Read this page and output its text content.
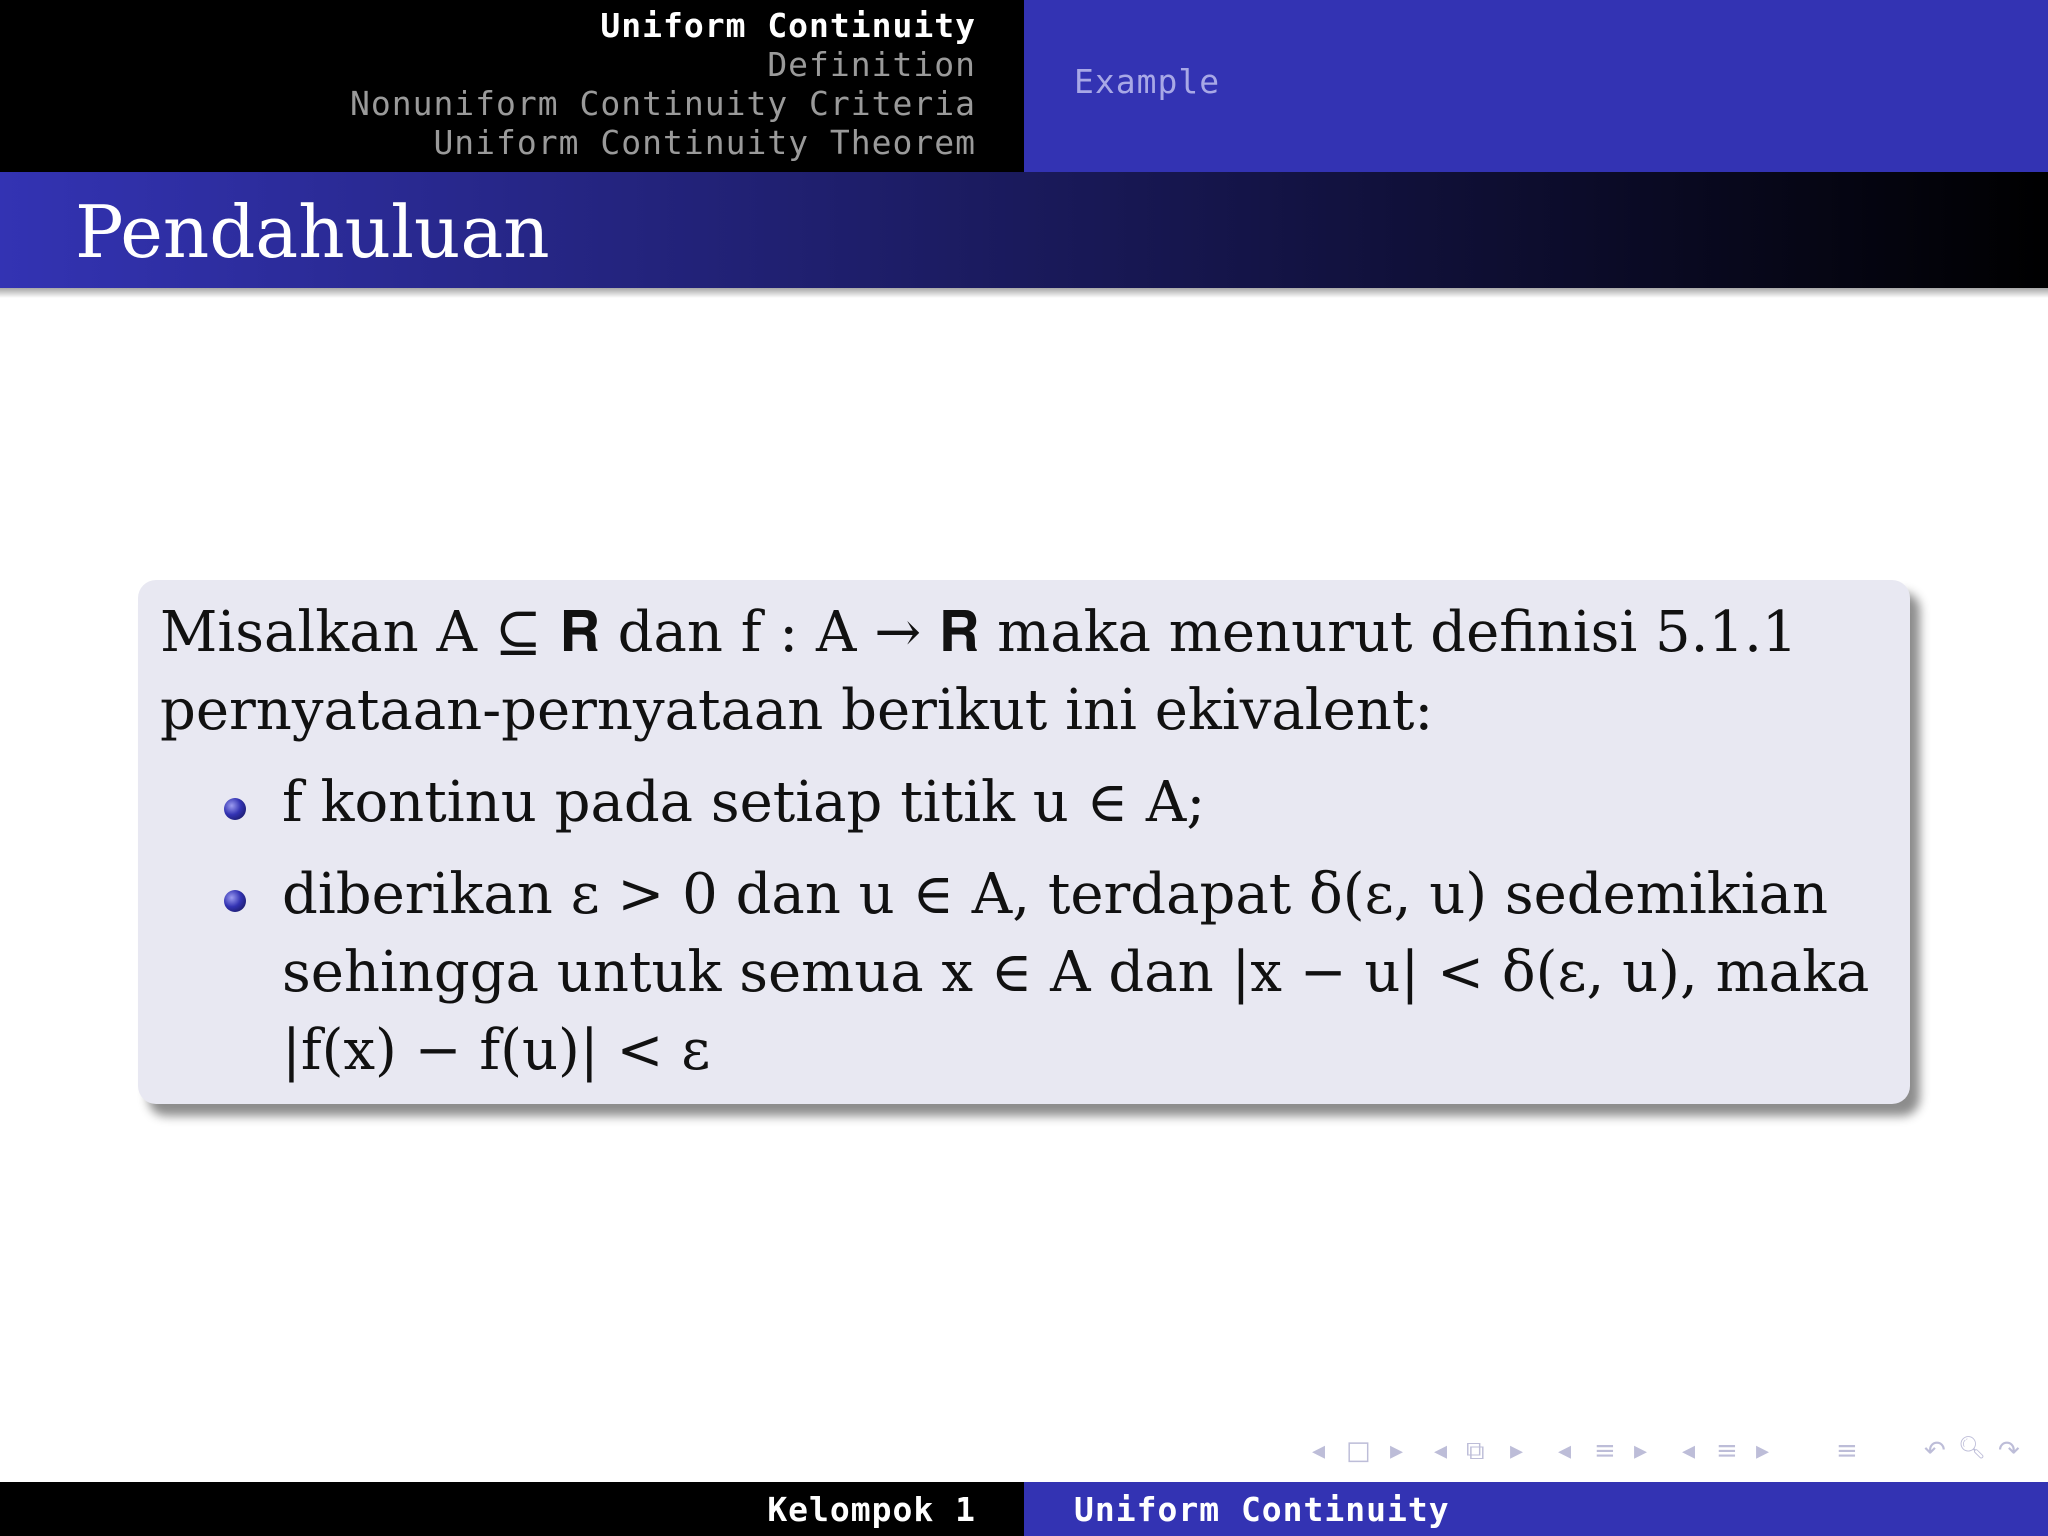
Uniform Continuity
Definition
Nonuniform Continuity Criteria
Uniform Continuity Theorem
Example
Pendahuluan
Misalkan A ⊆ 𝐑 dan f : A → 𝐑 maka menurut definisi 5.1.1
pernyataan-pernyataan berikut ini ekivalent:
f kontinu pada setiap titik u ∈ A;
diberikan ε > 0 dan u ∈ A, terdapat δ(ε, u) sedemikian
sehingga untuk semua x ∈ A dan |x − u| < δ(ε, u), maka
|f(x) − f(u)| < ε
◂ □ ▸ ◂ ⧉ ▸ ◂ ≡ ▸ ◂ ≡ ▸	≡	↶ 🔍︎ ↷
Kelompok 1	Uniform Continuity
